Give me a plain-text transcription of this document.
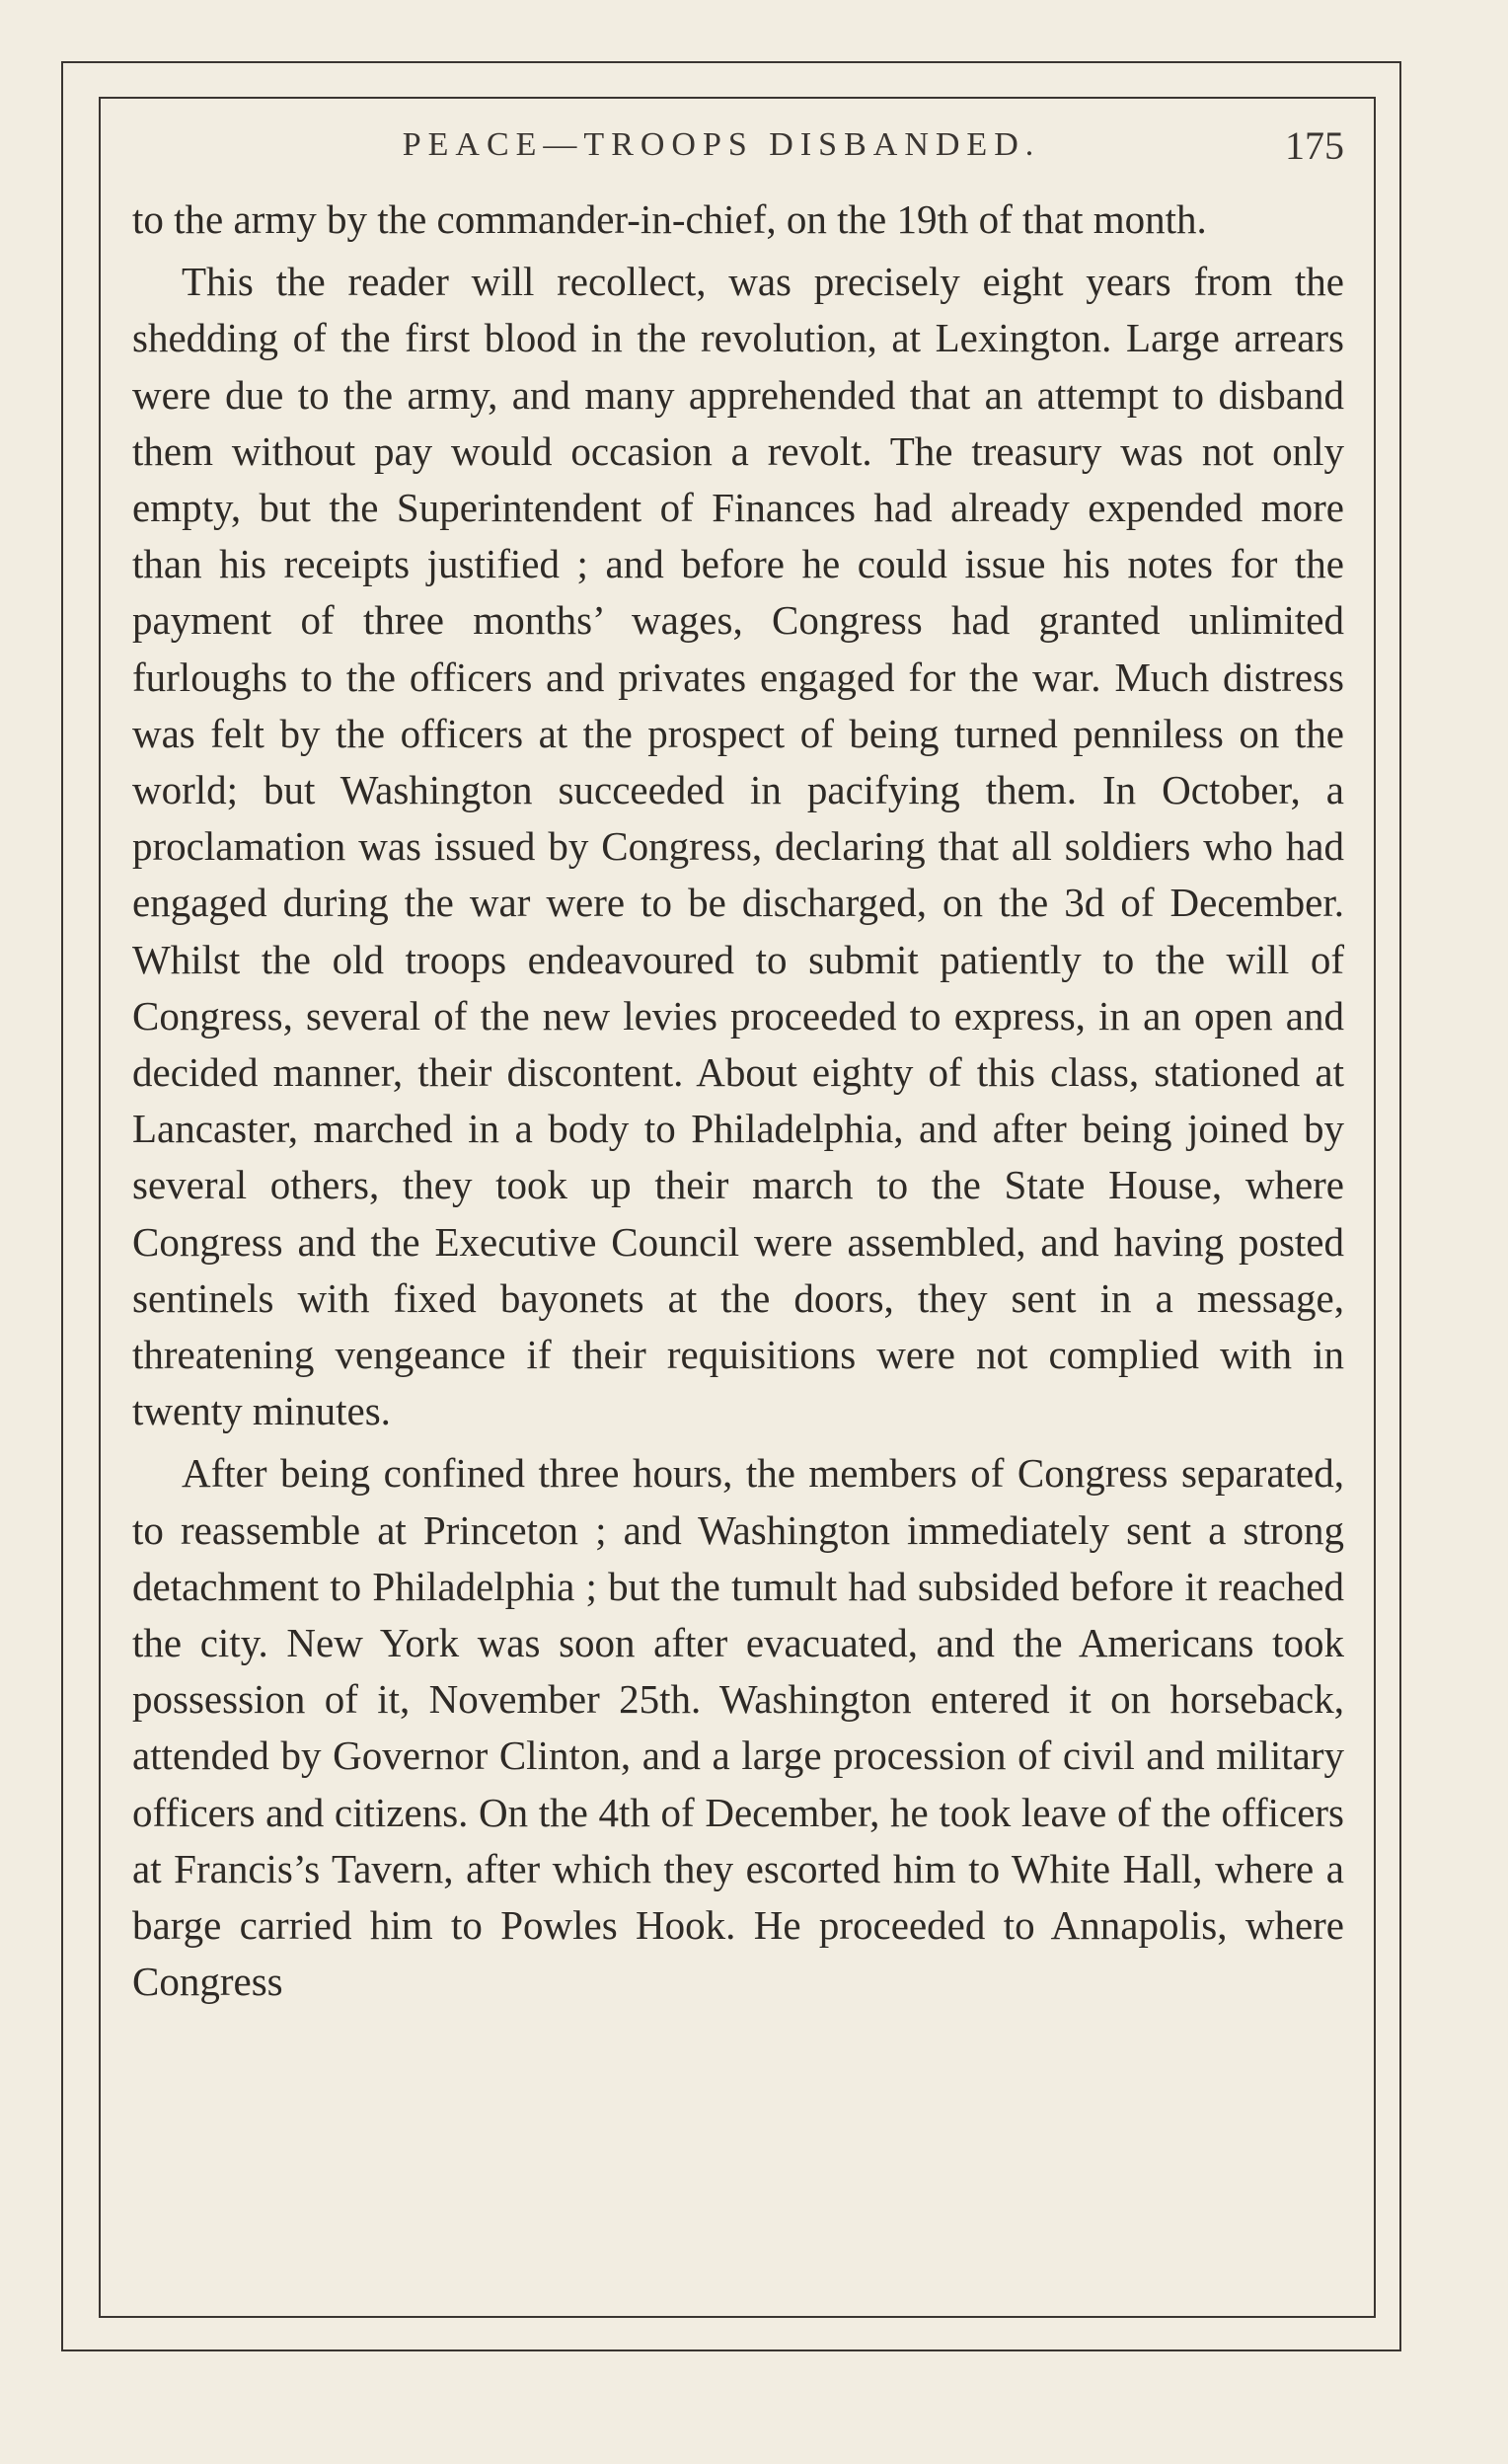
PEACE—TROOPS DISBANDED.	175

to the army by the commander-in-chief, on the 19th of that month.

This the reader will recollect, was precisely eight years from the shedding of the first blood in the revolution, at Lexington. Large arrears were due to the army, and many apprehended that an attempt to disband them without pay would occasion a revolt. The treasury was not only empty, but the Superintendent of Finances had already expended more than his receipts justified ; and before he could issue his notes for the payment of three months’ wages, Congress had granted unlimited furloughs to the officers and privates engaged for the war. Much distress was felt by the officers at the prospect of being turned penniless on the world; but Washington succeeded in pacifying them. In October, a proclamation was issued by Congress, declaring that all soldiers who had engaged during the war were to be discharged, on the 3d of December. Whilst the old troops endeavoured to submit patiently to the will of Congress, several of the new levies proceeded to express, in an open and decided manner, their discontent. About eighty of this class, stationed at Lancaster, marched in a body to Philadelphia, and after being joined by several others, they took up their march to the State House, where Congress and the Executive Council were assembled, and having posted sentinels with fixed bayonets at the doors, they sent in a message, threatening vengeance if their requisitions were not complied with in twenty minutes.

After being confined three hours, the members of Congress separated, to reassemble at Princeton ; and Washington immediately sent a strong detachment to Philadelphia ; but the tumult had subsided before it reached the city. New York was soon after evacuated, and the Americans took possession of it, November 25th. Washington entered it on horseback, attended by Governor Clinton, and a large procession of civil and military officers and citizens. On the 4th of December, he took leave of the officers at Francis’s Tavern, after which they escorted him to White Hall, where a barge carried him to Powles Hook. He proceeded to Annapolis, where Congress
